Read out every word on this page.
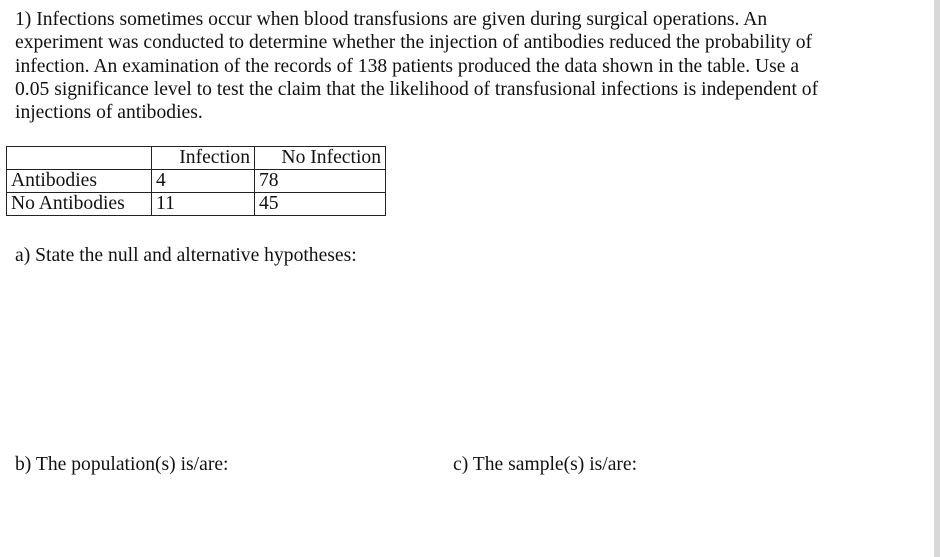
1) Infections sometimes occur when blood transfusions are given during surgical operations. An
experiment was conducted to determine whether the injection of antibodies reduced the probability of
infection. An examination of the records of 138 patients produced the data shown in the table. Use a
0.05 significance level to test the claim that the likelihood of transfusional infections is independent of
injections of antibodies.

	Infection	No Infection
Antibodies	4	78
No Antibodies	11	45

a) State the null and alternative hypotheses:

b) The population(s) is/are:	c) The sample(s) is/are:
